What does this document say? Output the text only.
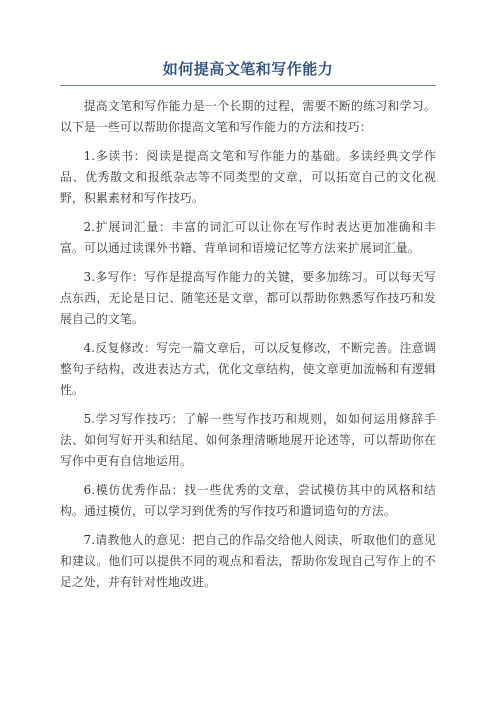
如何提高文笔和写作能力

提高文笔和写作能力是一个长期的过程，需要不断的练习和学习。以下是一些可以帮助你提高文笔和写作能力的方法和技巧：

1.多读书：阅读是提高文笔和写作能力的基础。多读经典文学作品、优秀散文和报纸杂志等不同类型的文章，可以拓宽自己的文化视野，积累素材和写作技巧。

2.扩展词汇量：丰富的词汇可以让你在写作时表达更加准确和丰富。可以通过读课外书籍、背单词和语境记忆等方法来扩展词汇量。

3.多写作：写作是提高写作能力的关键，要多加练习。可以每天写点东西，无论是日记、随笔还是文章，都可以帮助你熟悉写作技巧和发展自己的文笔。

4.反复修改：写完一篇文章后，可以反复修改，不断完善。注意调整句子结构，改进表达方式，优化文章结构，使文章更加流畅和有逻辑性。

5.学习写作技巧：了解一些写作技巧和规则，如如何运用修辞手法、如何写好开头和结尾、如何条理清晰地展开论述等，可以帮助你在写作中更有自信地运用。

6.模仿优秀作品：找一些优秀的文章，尝试模仿其中的风格和结构。通过模仿，可以学习到优秀的写作技巧和遣词造句的方法。

7.请教他人的意见：把自己的作品交给他人阅读，听取他们的意见和建议。他们可以提供不同的观点和看法，帮助你发现自己写作上的不足之处，并有针对性地改进。
